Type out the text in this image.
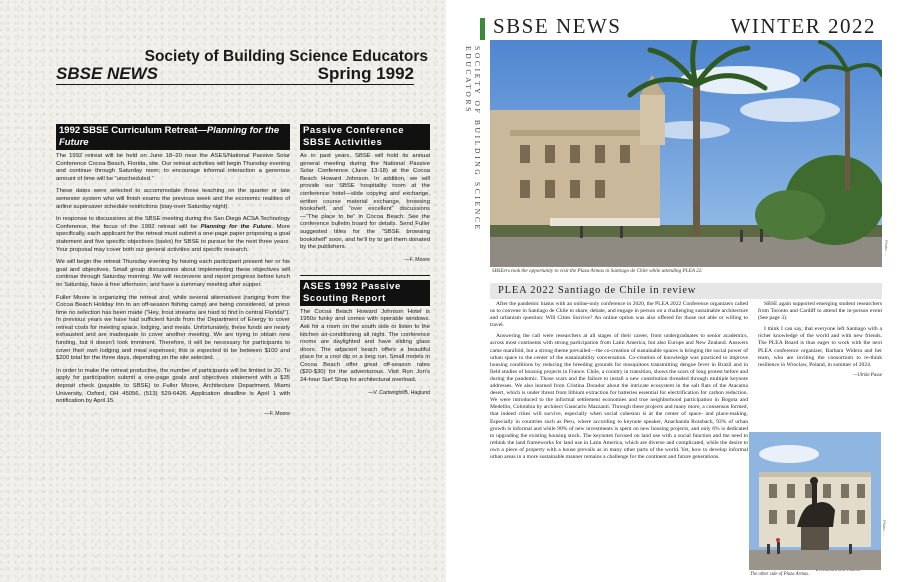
Society of Building Science Educators
SBSE NEWS	Spring 1992
1992 SBSE Curriculum Retreat—Planning for the Future

The 1992 retreat will be held on June 18–20 near the ASES/National Passive Solar Conference Cocoa Beach, Florida, site. Our retreat activities will begin Thursday evening and continue through Saturday noon; to encourage informal interaction a generous amount of time will be “unscheduled.”

These dates were selected to accommodate those teaching on the quarter or late semester system who will finish exams the previous week and the economic realities of airline supersaver schedule restrictions (stay-over Saturday night).

In response to discussions at the SBSE meeting during the San Diego ACSA Technology Conference, the focus of the 1992 retreat will be Planning for the Future. More specifically, each applicant for the retreat must submit a one-page paper proposing a goal statement and five specific objectives (tasks) for SBSE to pursue for the next three years. Your proposal may cover both our general activities and specific research.

We will begin the retreat Thursday evening by having each participant present her or his goal and objectives. Small group discussions about implementing these objectives will continue through Saturday morning. We will reconvene and report progress before lunch on Saturday, have a free afternoon, and have a summary meeting after supper.

Fuller Moore is organizing the retreat and, while several alternatives (ranging from the Cocoa Beach Holiday Inn to an off-season fishing camp) are being considered, at press time no selection has been made (“Hey, trout streams are hard to find in central Florida!”). In previous years we have had sufficient funds from the Department of Energy to cover retreat costs for meeting space, lodging, and meals. Unfortunately, these funds are nearly exhausted and are inadequate to cover another meeting. We are trying to obtain new funding, but it doesn’t look imminent. Therefore, it will be necessary for participants to cover their own lodging and meal expenses; this is expected to be between $100 and $200 total for the three days, depending on the site selected.

In order to make the retreat productive, the number of participants will be limited to 20. To apply for participation submit a one-page goals and objectives statement with a $35 deposit check (payable to SBSE) to Fuller Moore, Architecture Department, Miami University, Oxford, OH 45056, (513) 529-6426. Application deadline is April 1 with notification by April 15.

—F. Moore
Passive Conference SBSE Activities

As in past years, SBSE will hold its annual general meeting during the National Passive Solar Conference (June 13-18) at the Cocoa Beach Howard Johnson. In addition, we will provide our SBSE hospitality room at the conference hotel—slide copying and exchange, written course material exchange, browsing bookshelf, and “over excellent” discussions—“The place to be” in Cocoa Beach. See the conference bulletin board for details. Send Fuller suggested titles for the “SBSE browsing bookshelf” soon, and he’ll try to get them donated by the publishers.

—F. Moore
ASES 1992 Passive Scouting Report

The Cocoa Beach Howard Johnson Hotel is 1950s funky and comes with operable windows. Ask for a room on the south side or listen to the kitchen air-conditioning all night. The conference rooms are daylighted and have sliding glass doors. The adjacent beach offers a beautiful place for a cool dip or a long run. Small motels in Cocoa Beach offer great off-season rates ($20-$30) for the adventurous. Visit Ron Jon’s 24-hour Surf Shop for architectural overload.

—V. Cartwright/B. Haglund
SBSE NEWS	WINTER 2022
SOCIETY OF BUILDING SCIENCE EDUCATORS
Photo: ...
SBSEers took the opportunity to visit the Plaza Armas in Santiago de Chile while attending PLEA 22.
PLEA 2022 Santiago de Chile in review

After the pandemic hiatus with an online-only conference in 2020, the PLEA 2022 Conference organizers called us to convene in Santiago de Chile to share, debate, and engage in person on a challenging sustainable architecture and urbanism question: Will Cities Survive? An online option was also offered for those not able or willing to travel.

Answering the call were researchers at all stages of their career, from undergraduates to senior academics, across most continents with strong participation from Latin America, but also Europe and New Zealand. Answers came manifold, but a strong theme prevailed—the co-creation of sustainable spaces is bringing the social power of urban space to the center of the sustainability conversation. Co-creation of knowledge was practiced to improve housing conditions by reducing the breeding grounds for mosquitoes transmitting dengue fever in Brazil and in field studies of housing projects in France. Chile, a country in transition, shows the scars of long protest before and during the pandemic. Those scars and the failure to install a new constitution threaded through multiple keynote addresses. We also learned from Cristina Dorador about the intricate ecosystem in the salt flats of the Atacama desert, which is under threat from lithium extraction for batteries essential for electrification for carbon reduction. We were introduced to the informal settlement economies and true neighborhood participation in Bogota and Medellin, Colombia by architect Giancarlo Mazzanti. Through these projects and many more, a consensus formed, that indeed cities will survive, especially when social cohesion is at the center of space- and place-making. Especially in countries such as Peru, where according to keynote speaker, Anachanda Rossbach, 93% of urban growth is informal and while 90% of new investments is spent on new housing projects, and only 6% is dedicated to upgrading the existing housing stock. The keynotes focused on land use with a social function and the need to rethink the land frameworks for land use in Latin America, which are diverse and complicated, while the desire to own a piece of property with a house prevails as in many other parts of the world. Yet, how to develop informal urban areas in a more sustainable manner remains a challenge for the continent and future generations.

SBSE again supported emerging student researchers from Toronto and Cardiff to attend the in-person event (See page 3).

I think I can say, that everyone left Santiago with a richer knowledge of the world and with new friends. The PLEA Board is thus eager to work with the next PLEA conference organizer, Barbara Widera and her team, who are inviting the consortium to re-think resilience in Wroclaw, Poland, in summer of 2024.

—Ulrike Passe

Photo: ...
The other side of Plaza Armas.
